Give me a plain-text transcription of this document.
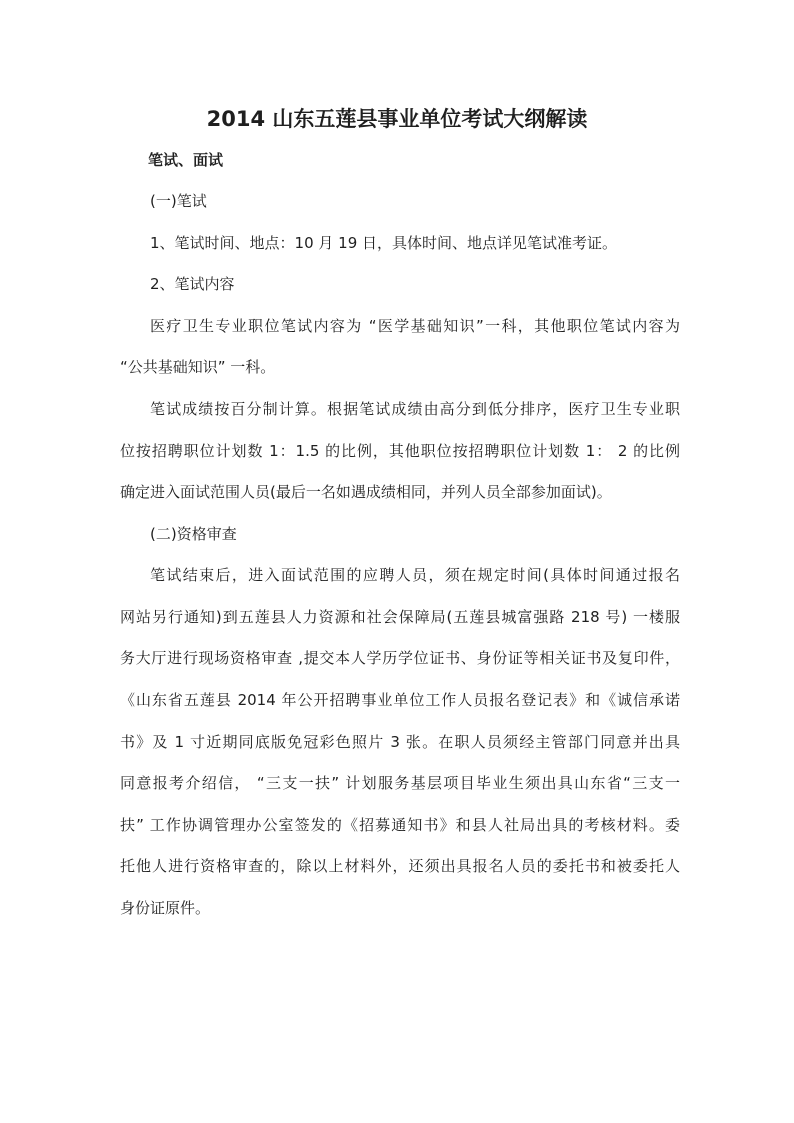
2014 山东五莲县事业单位考试大纲解读
笔试、面试
(一)笔试
1、笔试时间、地点：10 月 19 日，具体时间、地点详见笔试准考证。
2、笔试内容
医疗卫生专业职位笔试内容为 “医学基础知识”一科，其他职位笔试内容为
“公共基础知识” 一科。
笔试成绩按百分制计算。根据笔试成绩由高分到低分排序，医疗卫生专业职
位按招聘职位计划数 1：1.5 的比例，其他职位按招聘职位计划数 1： 2 的比例
确定进入面试范围人员(最后一名如遇成绩相同，并列人员全部参加面试)。
(二)资格审查
笔试结束后，进入面试范围的应聘人员，须在规定时间(具体时间通过报名
网站另行通知)到五莲县人力资源和社会保障局(五莲县城富强路 218 号) 一楼服
务大厅进行现场资格审查 ,提交本人学历学位证书、身份证等相关证书及复印件，
《山东省五莲县 2014 年公开招聘事业单位工作人员报名登记表》和《诚信承诺
书》及 1 寸近期同底版免冠彩色照片 3 张。在职人员须经主管部门同意并出具
同意报考介绍信， “三支一扶” 计划服务基层项目毕业生须出具山东省“三支一
扶” 工作协调管理办公室签发的《招募通知书》和县人社局出具的考核材料。委
托他人进行资格审查的，除以上材料外，还须出具报名人员的委托书和被委托人
身份证原件。
